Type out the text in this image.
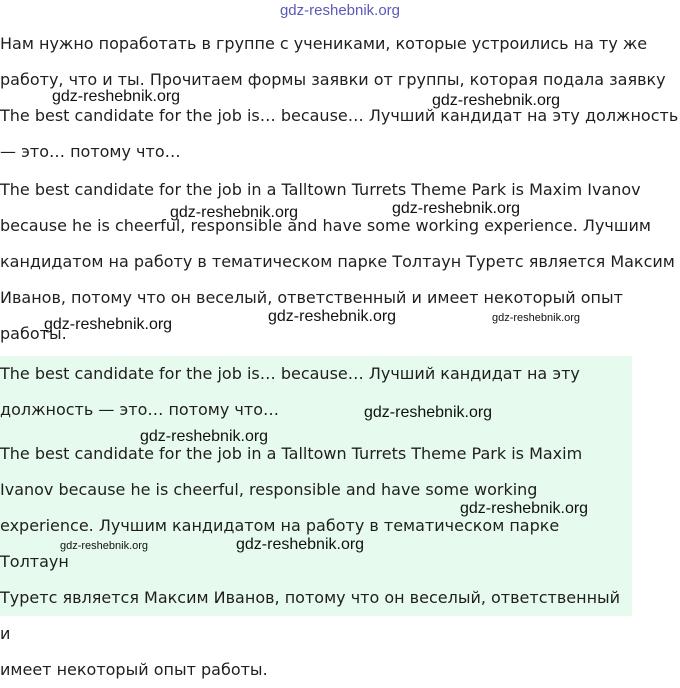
gdz-reshebnik.org

Нам нужно поработать в группе с учениками, которые устроились на ту же
работу, что и ты. Прочитаем формы заявки от группы, которая подала заявку
The best candidate for the job is… because… Лучший кандидат на эту должность
— это… потому что…

The best candidate for the job in a Talltown Turrets Theme Park is Maxim Ivanov
because he is cheerful, responsible and have some working experience. Лучшим
кандидатом на работу в тематическом парке Толтаун Туретс является Максим
Иванов, потому что он веселый, ответственный и имеет некоторый опыт
работы.

The best candidate for the job is… because… Лучший кандидат на эту
должность — это… потому что…

The best candidate for the job in a Talltown Turrets Theme Park is Maxim
Ivanov because he is cheerful, responsible and have some working
experience. Лучшим кандидатом на работу в тематическом парке Толтаун
Туретс является Максим Иванов, потому что он веселый, ответственный и
имеет некоторый опыт работы.

gdz-reshebnik.org	gdz-reshebnik.org
gdz-reshebnik.org	gdz-reshebnik.org
gdz-reshebnik.org
gdz-reshebnik.org	gdz-reshebnik.org
gdz-reshebnik.org
gdz-reshebnik.org
gdz-reshebnik.org
gdz-reshebnik.org	gdz-reshebnik.org
